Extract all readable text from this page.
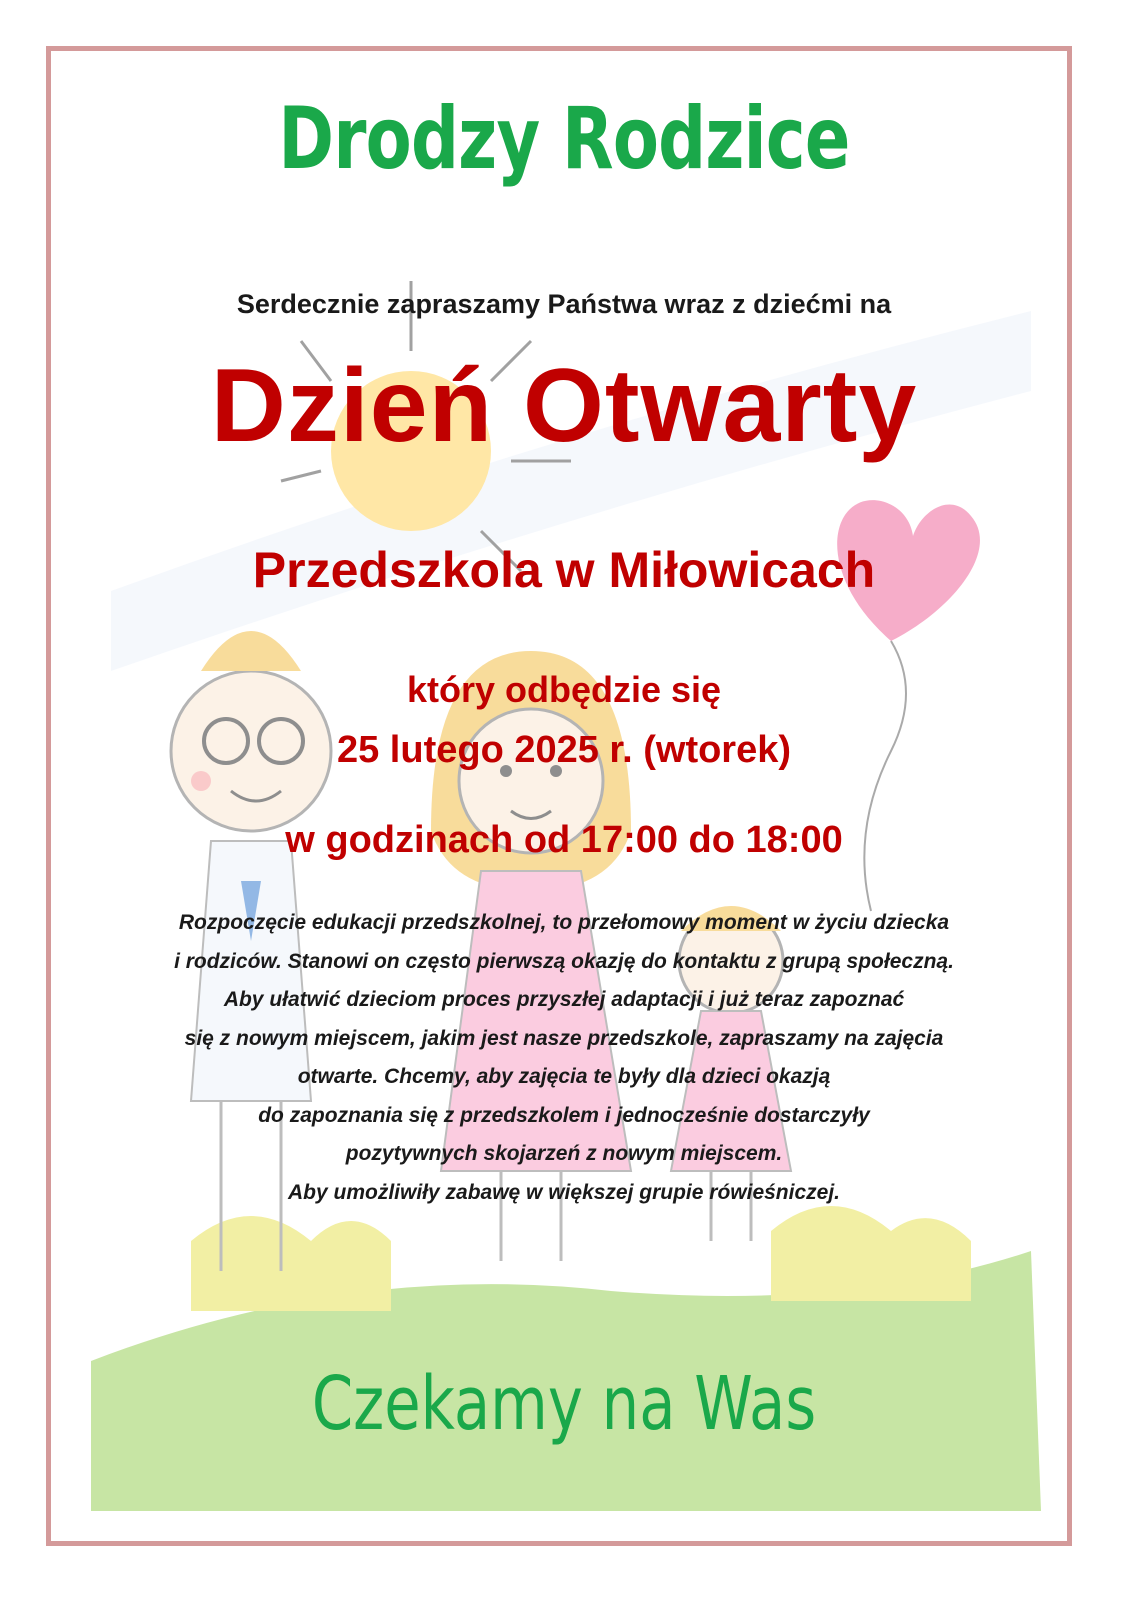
Drodzy Rodzice

Serdecznie zapraszamy Państwa wraz z dziećmi na

Dzień Otwarty

Przedszkola w Miłowicach

który odbędzie się

25 lutego 2025 r. (wtorek)

w godzinach od 17:00 do 18:00

Rozpoczęcie edukacji przedszkolnej, to przełomowy moment w życiu dziecka
i rodziców. Stanowi on często pierwszą okazję do kontaktu z grupą społeczną.
Aby ułatwić dzieciom proces przyszłej adaptacji i już teraz zapoznać
się z nowym miejscem, jakim jest nasze przedszkole, zapraszamy na zajęcia
otwarte. Chcemy, aby zajęcia te były dla dzieci okazją
do zapoznania się z przedszkolem i jednocześnie dostarczyły
pozytywnych skojarzeń z nowym miejscem.
Aby umożliwiły zabawę w większej grupie rówieśniczej.

Czekamy na Was
